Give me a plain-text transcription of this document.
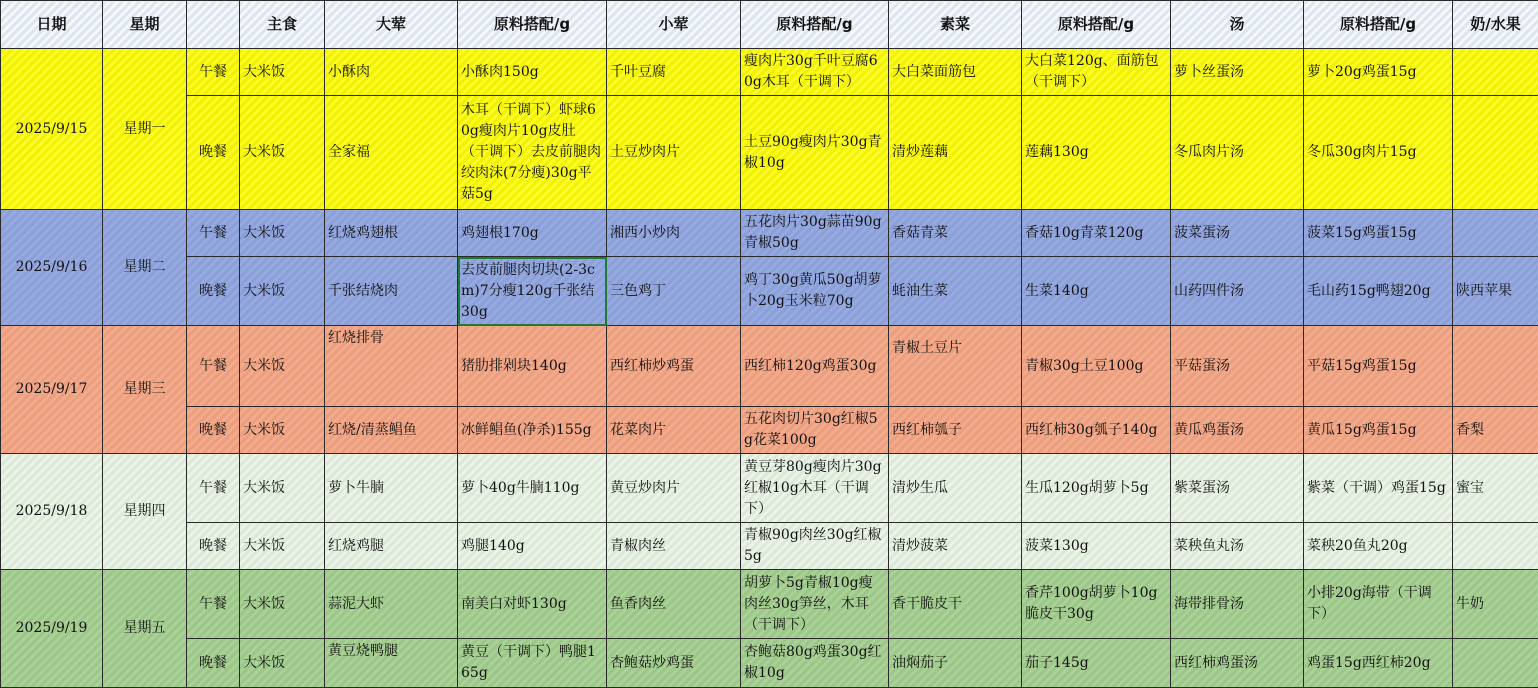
日期	星期		主食	大荤	原料搭配/g	小荤	原料搭配/g	素菜	原料搭配/g	汤	原料搭配/g	奶/水果
2025/9/15	星期一	午餐	大米饭	小酥肉	小酥肉150g	千叶豆腐	瘦肉片30g千叶豆腐60g木耳（干调下）	大白菜面筋包	大白菜120g、面筋包（干调下）	萝卜丝蛋汤	萝卜20g鸡蛋15g	
		晚餐	大米饭	全家福	木耳（干调下）虾球60g瘦肉片10g皮肚（干调下）去皮前腿肉绞肉沫(7分瘦)30g平菇5g	土豆炒肉片	土豆90g瘦肉片30g青椒10g	清炒莲藕	莲藕130g	冬瓜肉片汤	冬瓜30g肉片15g	
2025/9/16	星期二	午餐	大米饭	红烧鸡翅根	鸡翅根170g	湘西小炒肉	五花肉片30g蒜苗90g青椒50g	香菇青菜	香菇10g青菜120g	菠菜蛋汤	菠菜15g鸡蛋15g	
		晚餐	大米饭	千张结烧肉	去皮前腿肉切块(2-3cm)7分瘦120g千张结30g	三色鸡丁	鸡丁30g黄瓜50g胡萝卜20g玉米粒70g	蚝油生菜	生菜140g	山药四件汤	毛山药15g鸭翅20g	陕西苹果
2025/9/17	星期三	午餐	大米饭	红烧排骨	猪肋排剁块140g	西红柿炒鸡蛋	西红柿120g鸡蛋30g	青椒土豆片	青椒30g土豆100g	平菇蛋汤	平菇15g鸡蛋15g	
		晚餐	大米饭	红烧/清蒸鲳鱼	冰鲜鲳鱼(净杀)155g	花菜肉片	五花肉切片30g红椒5g花菜100g	西红柿瓠子	西红柿30g瓠子140g	黄瓜鸡蛋汤	黄瓜15g鸡蛋15g	香梨
2025/9/18	星期四	午餐	大米饭	萝卜牛腩	萝卜40g牛腩110g	黄豆炒肉片	黄豆芽80g瘦肉片30g红椒10g木耳（干调下）	清炒生瓜	生瓜120g胡萝卜5g	紫菜蛋汤	紫菜（干调）鸡蛋15g	蜜宝
		晚餐	大米饭	红烧鸡腿	鸡腿140g	青椒肉丝	青椒90g肉丝30g红椒5g	清炒菠菜	菠菜130g	菜秧鱼丸汤	菜秧20鱼丸20g	
2025/9/19	星期五	午餐	大米饭	蒜泥大虾	南美白对虾130g	鱼香肉丝	胡萝卜5g青椒10g瘦肉丝30g笋丝，木耳（干调下）	香干脆皮干	香芹100g胡萝卜10g脆皮干30g	海带排骨汤	小排20g海带（干调下）	牛奶
		晚餐	大米饭	黄豆烧鸭腿	黄豆（干调下）鸭腿165g	杏鲍菇炒鸡蛋	杏鲍菇80g鸡蛋30g红椒10g	油焖茄子	茄子145g	西红柿鸡蛋汤	鸡蛋15g西红柿20g	
